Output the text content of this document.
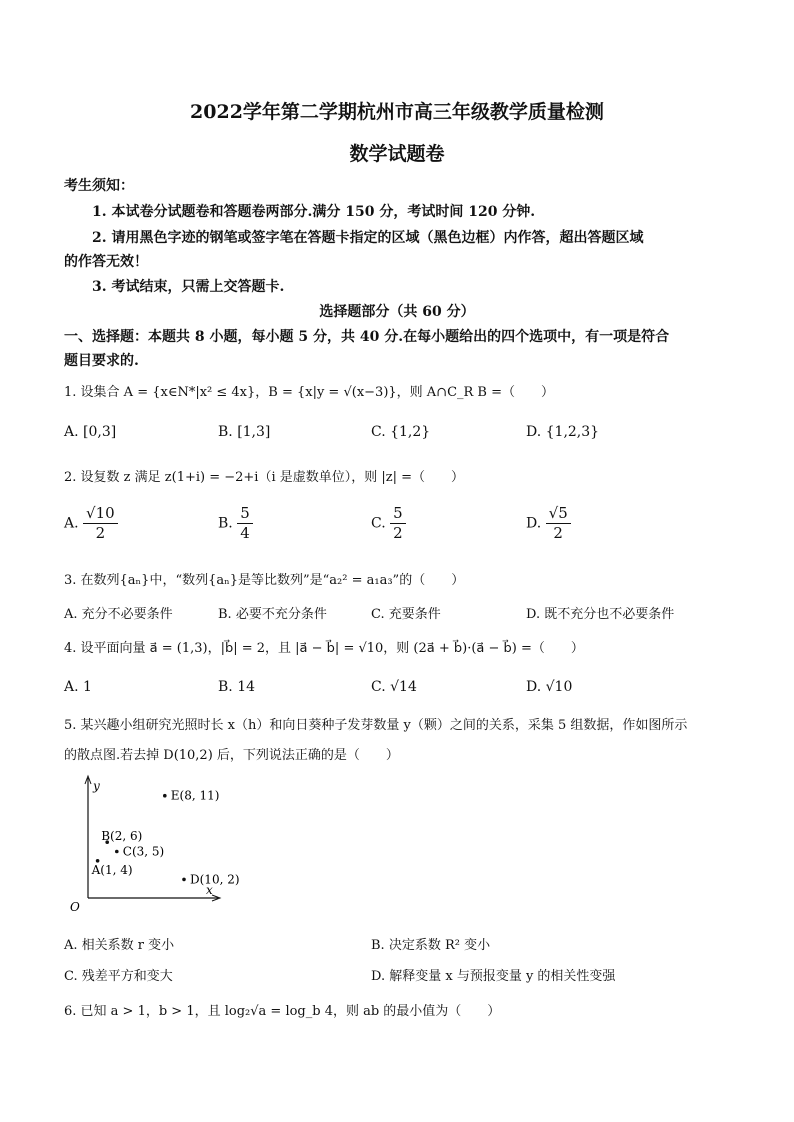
2022学年第二学期杭州市高三年级教学质量检测
数学试题卷
考生须知：
1. 本试卷分试题卷和答题卷两部分.满分 150 分，考试时间 120 分钟.
2. 请用黑色字迹的钢笔或签字笔在答题卡指定的区域（黑色边框）内作答，超出答题区域
的作答无效！
3. 考试结束，只需上交答题卡.
选择题部分（共 60 分）
一、选择题：本题共 8 小题，每小题 5 分，共 40 分.在每小题给出的四个选项中，有一项是符合
题目要求的.
1. 设集合 A = {x∈N*|x² ≤ 4x}，B = {x|y = √(x−3)}，则 A∩C_R B =（　　）
A. [0,3]	B. [1,3]	C. {1,2}	D. {1,2,3}
2. 设复数 z 满足 z(1+i) = −2+i（i 是虚数单位），则 |z| =（　　）
A. $\frac{√10}{2}$	B. $\frac{5}{4}$	C. $\frac{5}{2}$	D. $\frac{√5}{2}$
3. 在数列{aₙ}中，“数列{aₙ}是等比数列”是“a₂² = a₁a₃”的（　　）
A. 充分不必要条件	B. 必要不充分条件	C. 充要条件	D. 既不充分也不必要条件
4. 设平面向量 a⃗ = (1,3)，|b⃗| = 2，且 |a⃗ − b⃗| = √10，则 (2a⃗ + b⃗)·(a⃗ − b⃗) =（　　）
A. 1	B. 14	C. √14	D. √10
5. 某兴趣小组研究光照时长 x（h）和向日葵种子发芽数量 y（颗）之间的关系，采集 5 组数据，作如图所示
的散点图.若去掉 D(10,2) 后，下列说法正确的是（　　）
y
x
O
A(1, 4)
B(2, 6)
C(3, 5)
D(10, 2)
E(8, 11)
A. 相关系数 r 变小	B. 决定系数 R² 变小
C. 残差平方和变大	D. 解释变量 x 与预报变量 y 的相关性变强
6. 已知 a > 1，b > 1，且 log₂√a = log_b 4，则 ab 的最小值为（　　）
